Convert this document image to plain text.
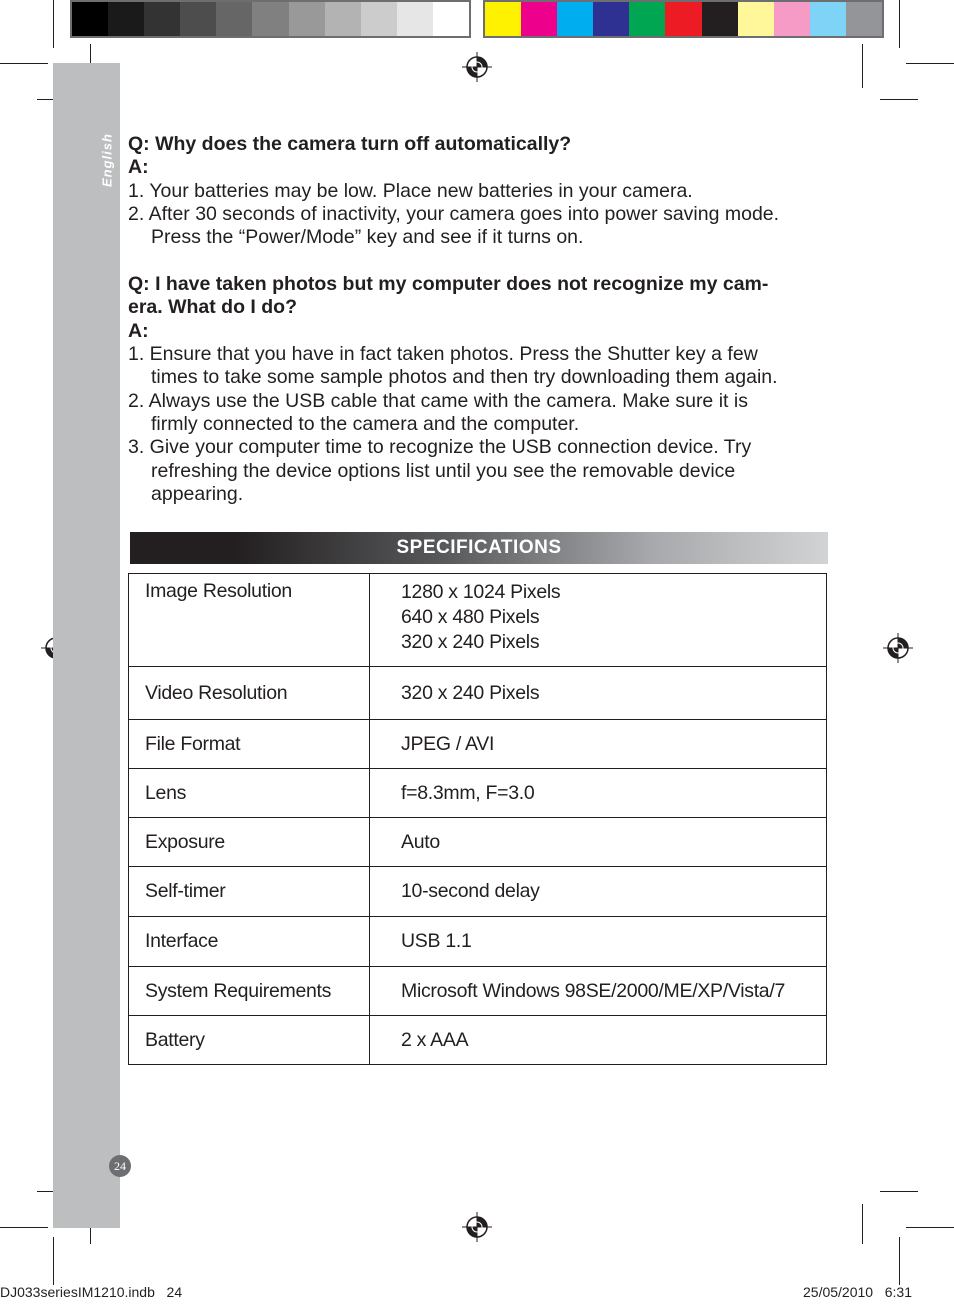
English
24
Q: Why does the camera turn off automatically?
A:
1. Your batteries may be low. Place new batteries in your camera.
2. After 30 seconds of inactivity, your camera goes into power saving mode.
Press the “Power/Mode” key and see if it turns on.
Q: I have taken photos but my computer does not recognize my cam-
era. What do I do?
A:
1. Ensure that you have in fact taken photos. Press the Shutter key a few
times to take some sample photos and then try downloading them again.
2. Always use the USB cable that came with the camera. Make sure it is
firmly connected to the camera and the computer.
3. Give your computer time to recognize the USB connection device. Try
refreshing the device options list until you see the removable device
appearing.
SPECIFICATIONS
Image Resolution	1280 x 1024 Pixels
640 x 480 Pixels
320 x 240 Pixels
Video Resolution	320 x 240 Pixels
File Format	JPEG / AVI
Lens	f=8.3mm, F=3.0
Exposure	Auto
Self-timer	10-second delay
Interface	USB 1.1
System Requirements	Microsoft Windows 98SE/2000/ME/XP/Vista/7
Battery	2 x AAA
DJ033seriesIM1210.indb   24	25/05/2010   6:31
